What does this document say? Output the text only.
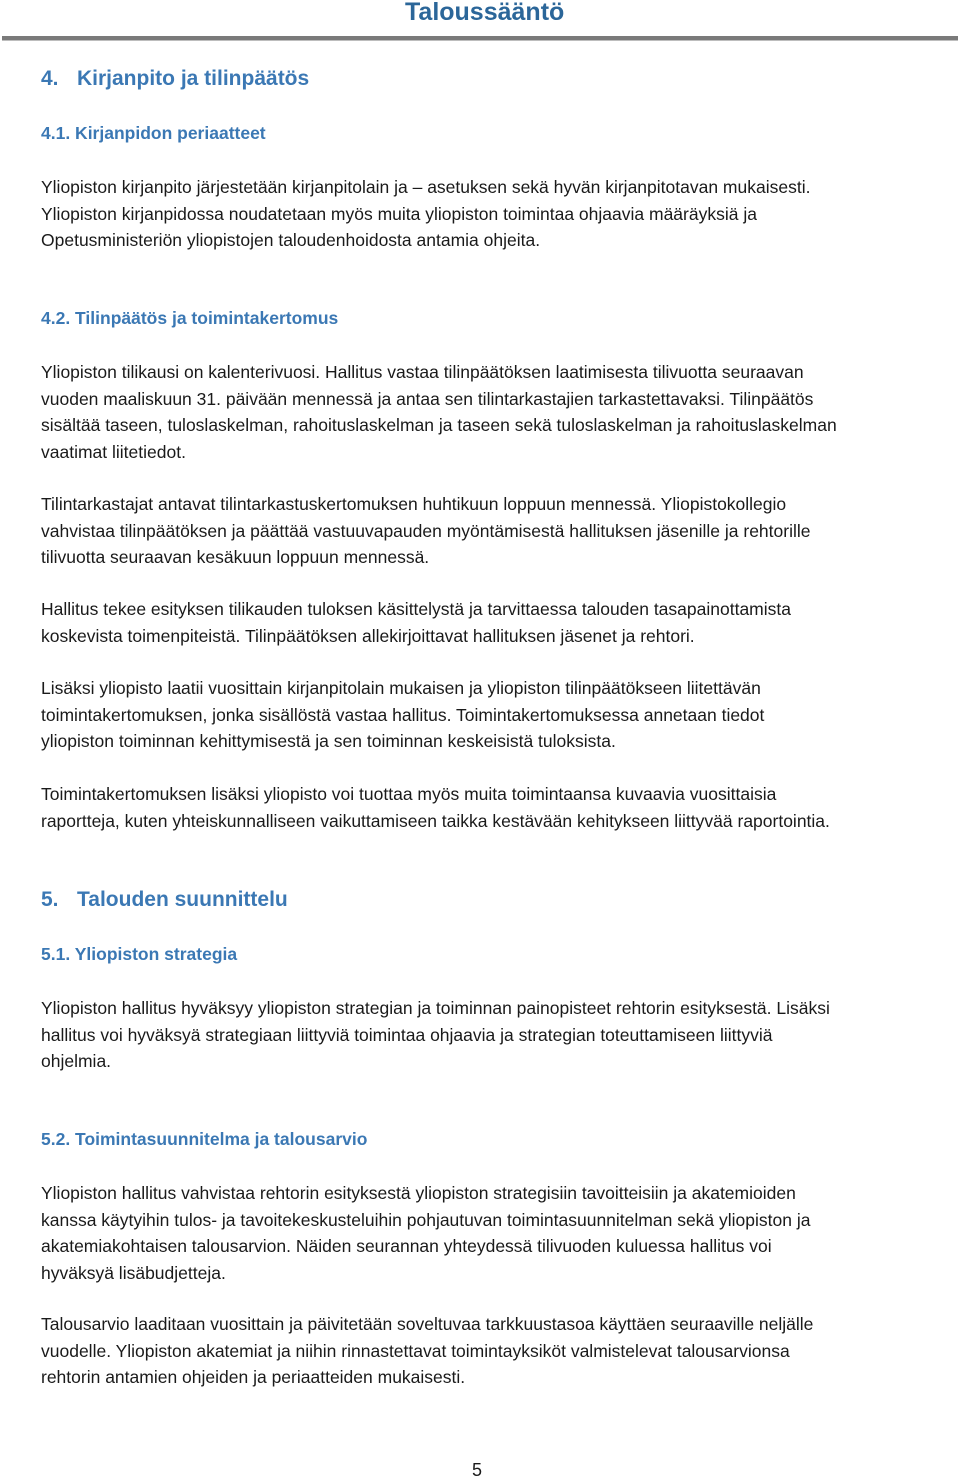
Taloussääntö
4. Kirjanpito ja tilinpäätös
4.1. Kirjanpidon periaatteet
Yliopiston kirjanpito järjestetään kirjanpitolain ja – asetuksen sekä hyvän kirjanpitotavan mukaisesti.
Yliopiston kirjanpidossa noudatetaan myös muita yliopiston toimintaa ohjaavia määräyksiä ja
Opetusministeriön yliopistojen taloudenhoidosta antamia ohjeita.
4.2. Tilinpäätös ja toimintakertomus
Yliopiston tilikausi on kalenterivuosi. Hallitus vastaa tilinpäätöksen laatimisesta tilivuotta seuraavan
vuoden maaliskuun 31. päivään mennessä ja antaa sen tilintarkastajien tarkastettavaksi. Tilinpäätös
sisältää taseen, tuloslaskelman, rahoituslaskelman ja taseen sekä tuloslaskelman ja rahoituslaskelman
vaatimat liitetiedot.
Tilintarkastajat antavat tilintarkastuskertomuksen huhtikuun loppuun mennessä. Yliopistokollegio
vahvistaa tilinpäätöksen ja päättää vastuuvapauden myöntämisestä hallituksen jäsenille ja rehtorille
tilivuotta seuraavan kesäkuun loppuun mennessä.
Hallitus tekee esityksen tilikauden tuloksen käsittelystä ja tarvittaessa talouden tasapainottamista
koskevista toimenpiteistä. Tilinpäätöksen allekirjoittavat hallituksen jäsenet ja rehtori.
Lisäksi yliopisto laatii vuosittain kirjanpitolain mukaisen ja yliopiston tilinpäätökseen liitettävän
toimintakertomuksen, jonka sisällöstä vastaa hallitus. Toimintakertomuksessa annetaan tiedot
yliopiston toiminnan kehittymisestä ja sen toiminnan keskeisistä tuloksista.
Toimintakertomuksen lisäksi yliopisto voi tuottaa myös muita toimintaansa kuvaavia vuosittaisia
raportteja, kuten yhteiskunnalliseen vaikuttamiseen taikka kestävään kehitykseen liittyvää raportointia.
5. Talouden suunnittelu
5.1. Yliopiston strategia
Yliopiston hallitus hyväksyy yliopiston strategian ja toiminnan painopisteet rehtorin esityksestä. Lisäksi
hallitus voi hyväksyä strategiaan liittyviä toimintaa ohjaavia ja strategian toteuttamiseen liittyviä
ohjelmia.
5.2. Toimintasuunnitelma ja talousarvio
Yliopiston hallitus vahvistaa rehtorin esityksestä yliopiston strategisiin tavoitteisiin ja akatemioiden
kanssa käytyihin tulos- ja tavoitekeskusteluihin pohjautuvan toimintasuunnitelman sekä yliopiston ja
akatemiakohtaisen talousarvion. Näiden seurannan yhteydessä tilivuoden kuluessa hallitus voi
hyväksyä lisäbudjetteja.
Talousarvio laaditaan vuosittain ja päivitetään soveltuvaa tarkkuustasoa käyttäen seuraaville neljälle
vuodelle. Yliopiston akatemiat ja niihin rinnastettavat toimintayksiköt valmistelevat talousarvionsa
rehtorin antamien ohjeiden ja periaatteiden mukaisesti.
5
